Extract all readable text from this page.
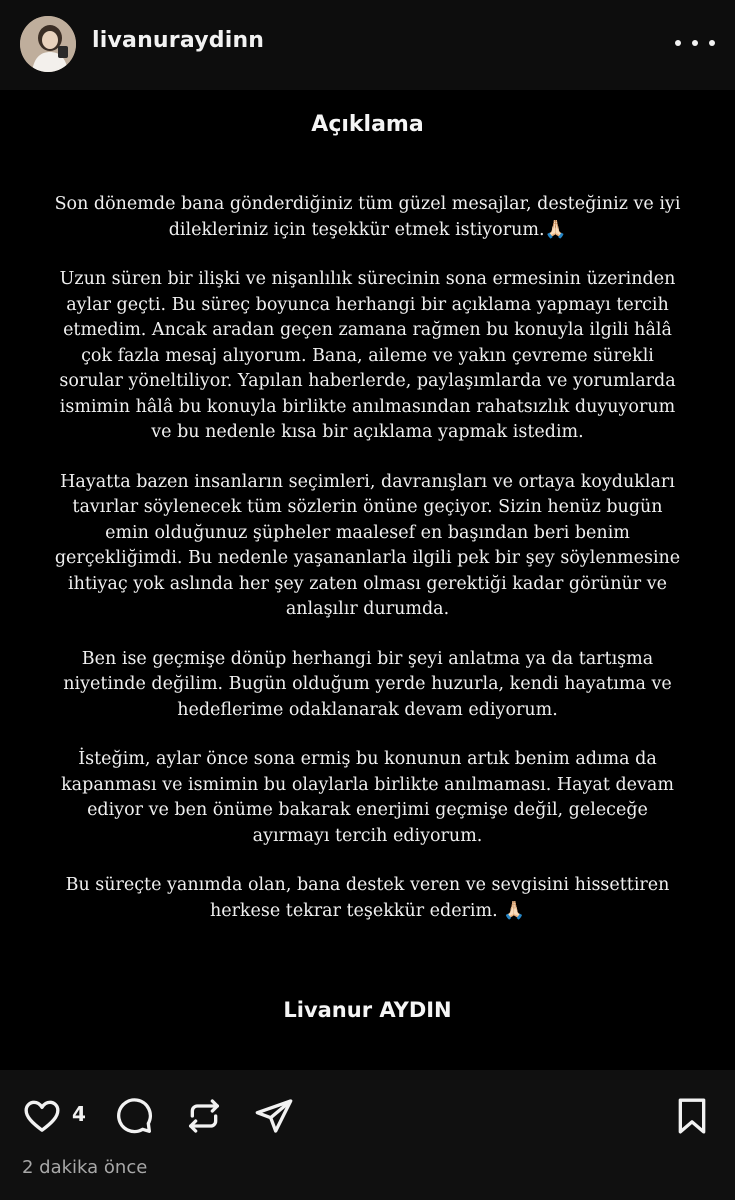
livanuraydinn
Açıklama

Son dönemde bana gönderdiğiniz tüm güzel mesajlar, desteğiniz ve iyi dilekleriniz için teşekkür etmek istiyorum.🙏🏻

Uzun süren bir ilişki ve nişanlılık sürecinin sona ermesinin üzerinden aylar geçti. Bu süreç boyunca herhangi bir açıklama yapmayı tercih etmedim. Ancak aradan geçen zamana rağmen bu konuyla ilgili hâlâ çok fazla mesaj alıyorum. Bana, aileme ve yakın çevreme sürekli sorular yöneltiliyor. Yapılan haberlerde, paylaşımlarda ve yorumlarda ismimin hâlâ bu konuyla birlikte anılmasından rahatsızlık duyuyorum ve bu nedenle kısa bir açıklama yapmak istedim.

Hayatta bazen insanların seçimleri, davranışları ve ortaya koydukları tavırlar söylenecek tüm sözlerin önüne geçiyor. Sizin henüz bugün emin olduğunuz şüpheler maalesef en başından beri benim gerçekliğimdi. Bu nedenle yaşananlarla ilgili pek bir şey söylenmesine ihtiyaç yok aslında her şey zaten olması gerektiği kadar görünür ve anlaşılır durumda.

Ben ise geçmişe dönüp herhangi bir şeyi anlatma ya da tartışma niyetinde değilim. Bugün olduğum yerde huzurla, kendi hayatıma ve hedeflerime odaklanarak devam ediyorum.

İsteğim, aylar önce sona ermiş bu konunun artık benim adıma da kapanması ve ismimin bu olaylarla birlikte anılmaması. Hayat devam ediyor ve ben önüme bakarak enerjimi geçmişe değil, geleceğe ayırmayı tercih ediyorum.

Bu süreçte yanımda olan, bana destek veren ve sevgisini hissettiren herkese tekrar teşekkür ederim. 🙏🏻

Livanur AYDIN
4
2 dakika önce
